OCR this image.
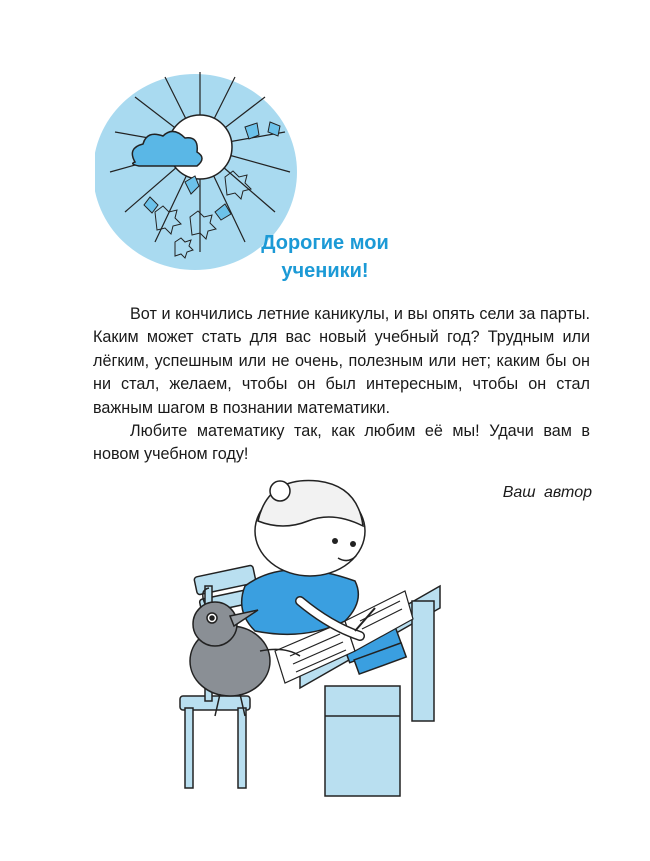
Дорогие мои
ученики!

Вот и кончились летние каникулы, и вы опять сели за парты. Каким может стать для вас новый учебный год? Трудным или лёгким, успешным или не очень, полезным или нет; каким бы он ни стал, желаем, чтобы он был интересным, чтобы он стал важным шагом в познании математики.

Любите математику так, как любим её мы! Удачи вам в новом учебном году!

Ваш автор
